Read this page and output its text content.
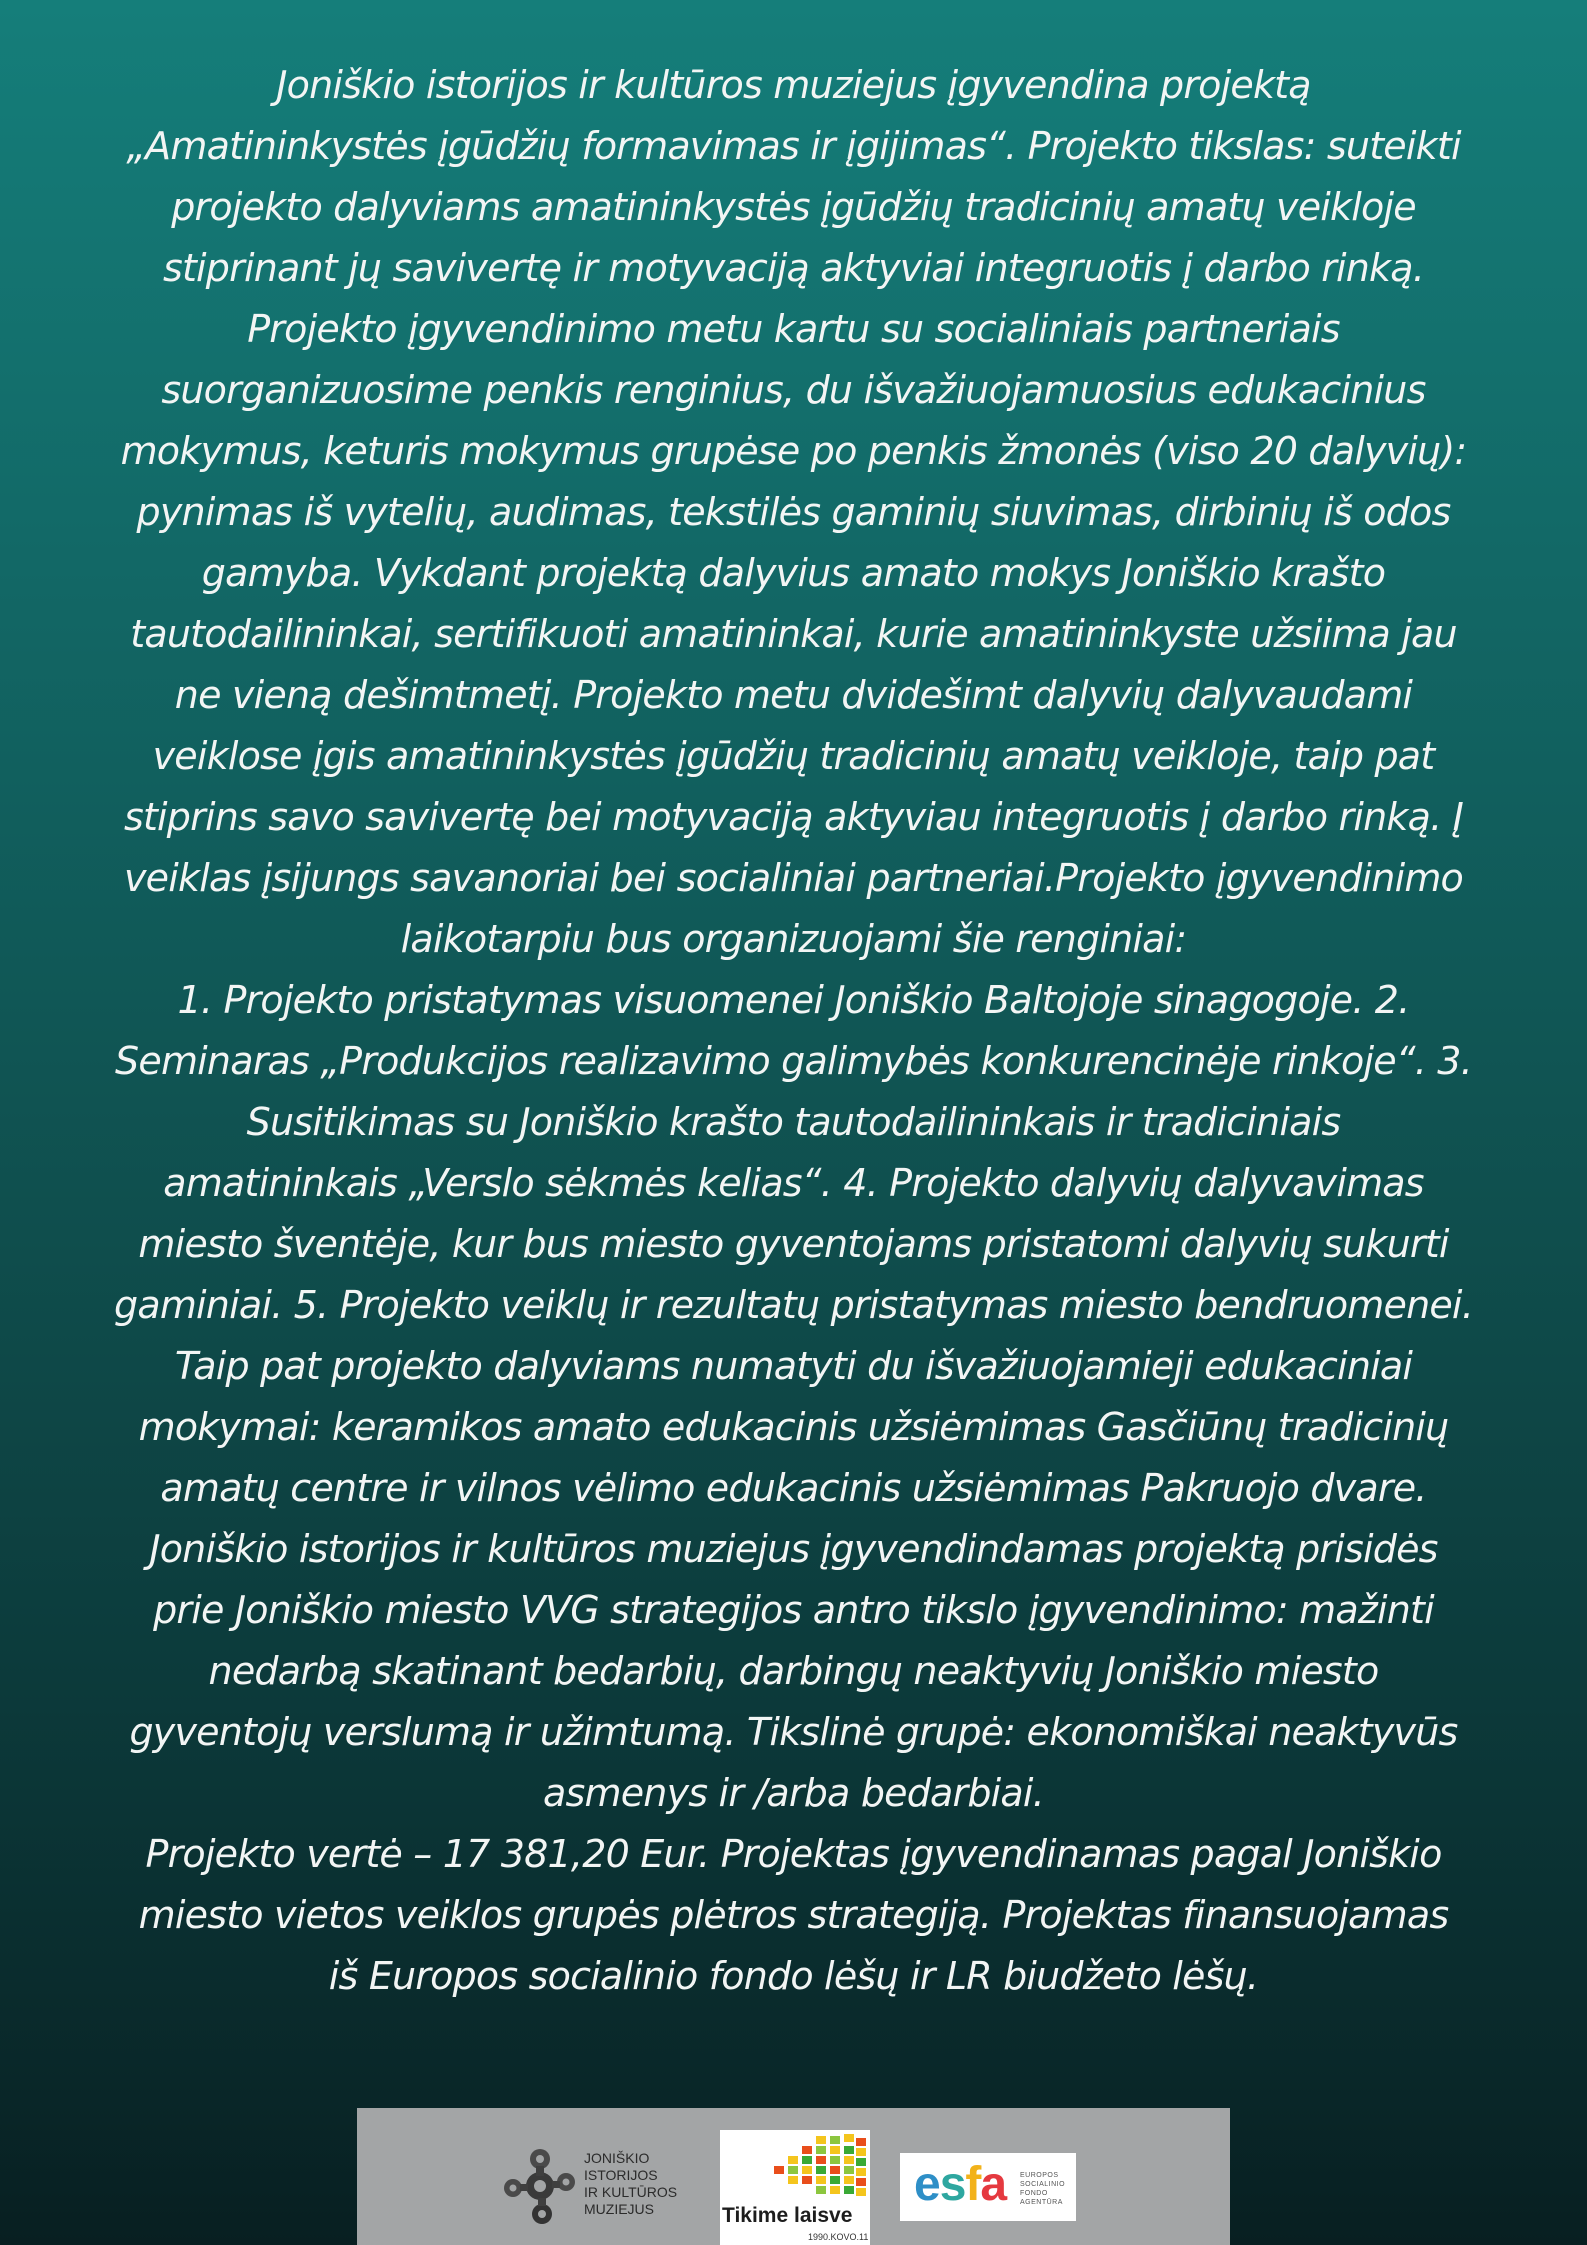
Joniškio istorijos ir kultūros muziejus įgyvendina projektą
„Amatininkystės įgūdžių formavimas ir įgijimas“. Projekto tikslas: suteikti
projekto dalyviams amatininkystės įgūdžių tradicinių amatų veikloje
stiprinant jų savivertę ir motyvaciją aktyviai integruotis į darbo rinką.
Projekto įgyvendinimo metu kartu su socialiniais partneriais
suorganizuosime penkis renginius, du išvažiuojamuosius edukacinius
mokymus, keturis mokymus grupėse po penkis žmonės (viso 20 dalyvių):
pynimas iš vytelių, audimas, tekstilės gaminių siuvimas, dirbinių iš odos
gamyba. Vykdant projektą dalyvius amato mokys Joniškio krašto
tautodailininkai, sertifikuoti amatininkai, kurie amatininkyste užsiima jau
ne vieną dešimtmetį. Projekto metu dvidešimt dalyvių dalyvaudami
veiklose įgis amatininkystės įgūdžių tradicinių amatų veikloje, taip pat
stiprins savo savivertę bei motyvaciją aktyviau integruotis į darbo rinką. Į
veiklas įsijungs savanoriai bei socialiniai partneriai.Projekto įgyvendinimo
laikotarpiu bus organizuojami šie renginiai:
1. Projekto pristatymas visuomenei Joniškio Baltojoje sinagogoje. 2.
Seminaras „Produkcijos realizavimo galimybės konkurencinėje rinkoje“. 3.
Susitikimas su Joniškio krašto tautodailininkais ir tradiciniais
amatininkais „Verslo sėkmės kelias“. 4. Projekto dalyvių dalyvavimas
miesto šventėje, kur bus miesto gyventojams pristatomi dalyvių sukurti
gaminiai. 5. Projekto veiklų ir rezultatų pristatymas miesto bendruomenei.
Taip pat projekto dalyviams numatyti du išvažiuojamieji edukaciniai
mokymai: keramikos amato edukacinis užsiėmimas Gasčiūnų tradicinių
amatų centre ir vilnos vėlimo edukacinis užsiėmimas Pakruojo dvare.
Joniškio istorijos ir kultūros muziejus įgyvendindamas projektą prisidės
prie Joniškio miesto VVG strategijos antro tikslo įgyvendinimo: mažinti
nedarbą skatinant bedarbių, darbingų neaktyvių Joniškio miesto
gyventojų verslumą ir užimtumą. Tikslinė grupė: ekonomiškai neaktyvūs
asmenys ir /arba bedarbiai.
Projekto vertė – 17 381,20 Eur. Projektas įgyvendinamas pagal Joniškio
miesto vietos veiklos grupės plėtros strategiją. Projektas finansuojamas
iš Europos socialinio fondo lėšų ir LR biudžeto lėšų.
JONIŠKIO
ISTORIJOS
IR KULTŪROS
MUZIEJUS	Tikime laisve
1990.KOVO.11
esfa EUROPOS
SOCIALINIO
FONDO
AGENTŪRA
